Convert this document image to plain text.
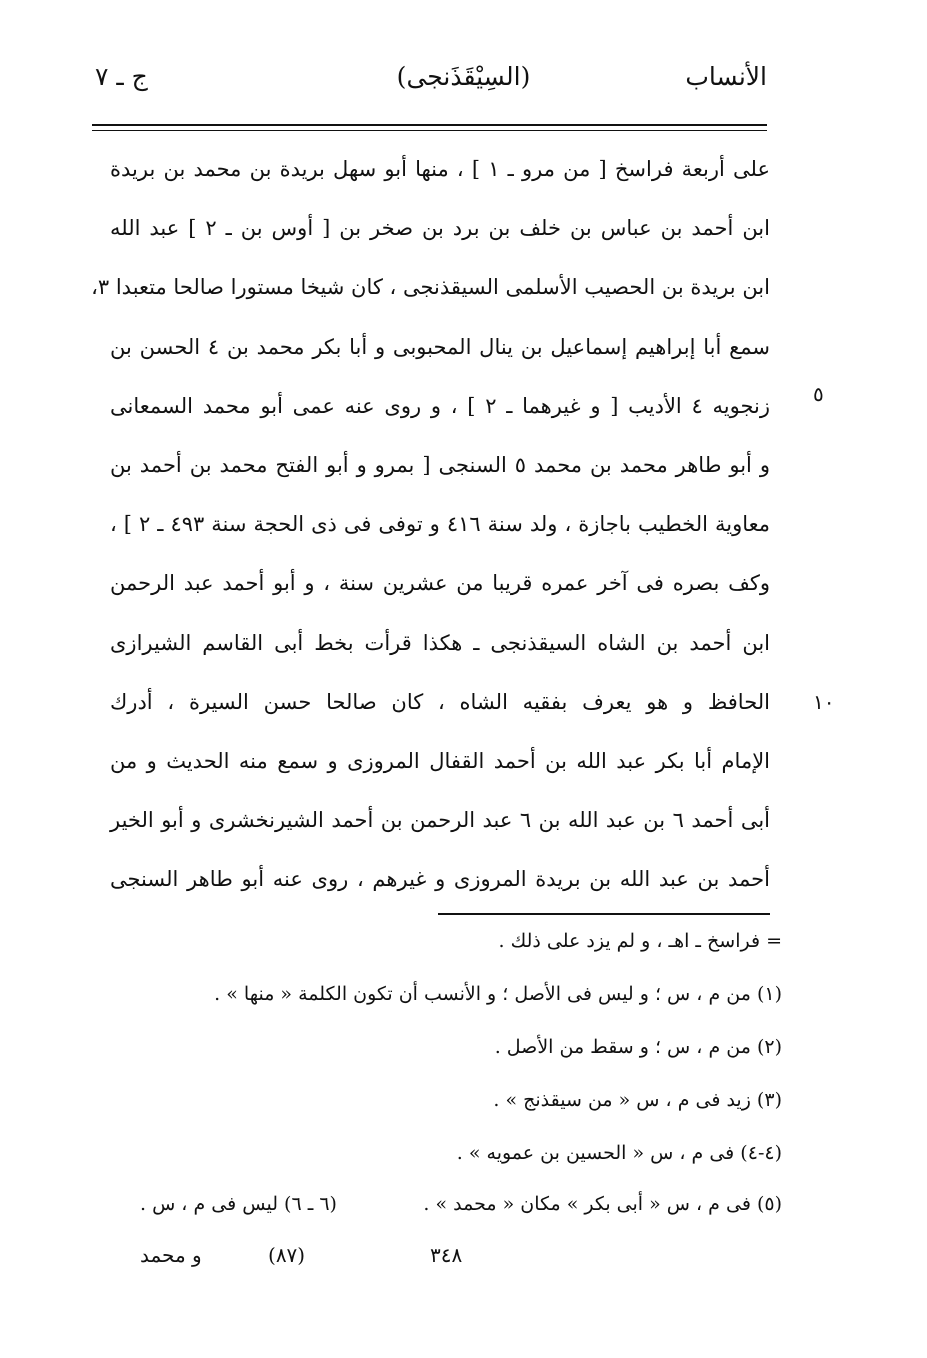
الأنساب
(السِيْقَذَنجى)
ج ـ ٧
على أربعة فراسخ [ من مرو ـ ١ ] ، منها أبو سهل بريدة بن محمد بن بريدة
ابن أحمد بن عباس بن خلف بن برد بن صخر بن [ أوس بن ـ ٢ ] عبد الله
ابن بريدة بن الحصيب الأسلمى السيقذنجى ، كان شيخا مستورا صالحا متعبدا ٣،
سمع أبا إبراهيم إسماعيل بن ينال المحبوبى و أبا بكر محمد بن ٤ الحسن بن
زنجويه ٤ الأديب [ و غيرهما ـ ٢ ] ، و روى عنه عمى أبو محمد السمعانى
و أبو طاهر محمد بن محمد ٥ السنجى [ بمرو و أبو الفتح محمد بن أحمد بن
معاوية الخطيب باجازة ، ولد سنة ٤١٦ و توفى فى ذى الحجة سنة ٤٩٣ ـ ٢ ] ،
وكف بصره فى آخر عمره قريبا من عشرين سنة ، و أبو أحمد عبد الرحمن
ابن أحمد بن الشاه السيقذنجى ـ هكذا قرأت بخط أبى القاسم الشيرازى
الحافظ و هو يعرف بفقيه الشاه ، كان صالحا حسن السيرة ، أدرك
الإمام أبا بكر عبد الله بن أحمد القفال المروزى و سمع منه الحديث و من
أبى أحمد ٦ بن عبد الله بن ٦ عبد الرحمن بن أحمد الشيرنخشرى و أبو الخير
أحمد بن عبد الله بن بريدة المروزى و غيرهم ، روى عنه أبو طاهر السنجى
٥
١٠
= فراسخ ـ اهـ ، و لم يزد على ذلك .
(١) من م ، س ؛ و ليس فى الأصل ؛ و الأنسب أن تكون الكلمة « منها » .
(٢) من م ، س ؛ و سقط من الأصل .
(٣) زيد فى م ، س « من سيقذنج » .
(٤-٤) فى م ، س « الحسين بن عمويه » .
(٥) فى م ، س « أبى بكر » مكان « محمد » .
(٦ ـ ٦) ليس فى م ، س .
٣٤٨
(٨٧)
و محمد
